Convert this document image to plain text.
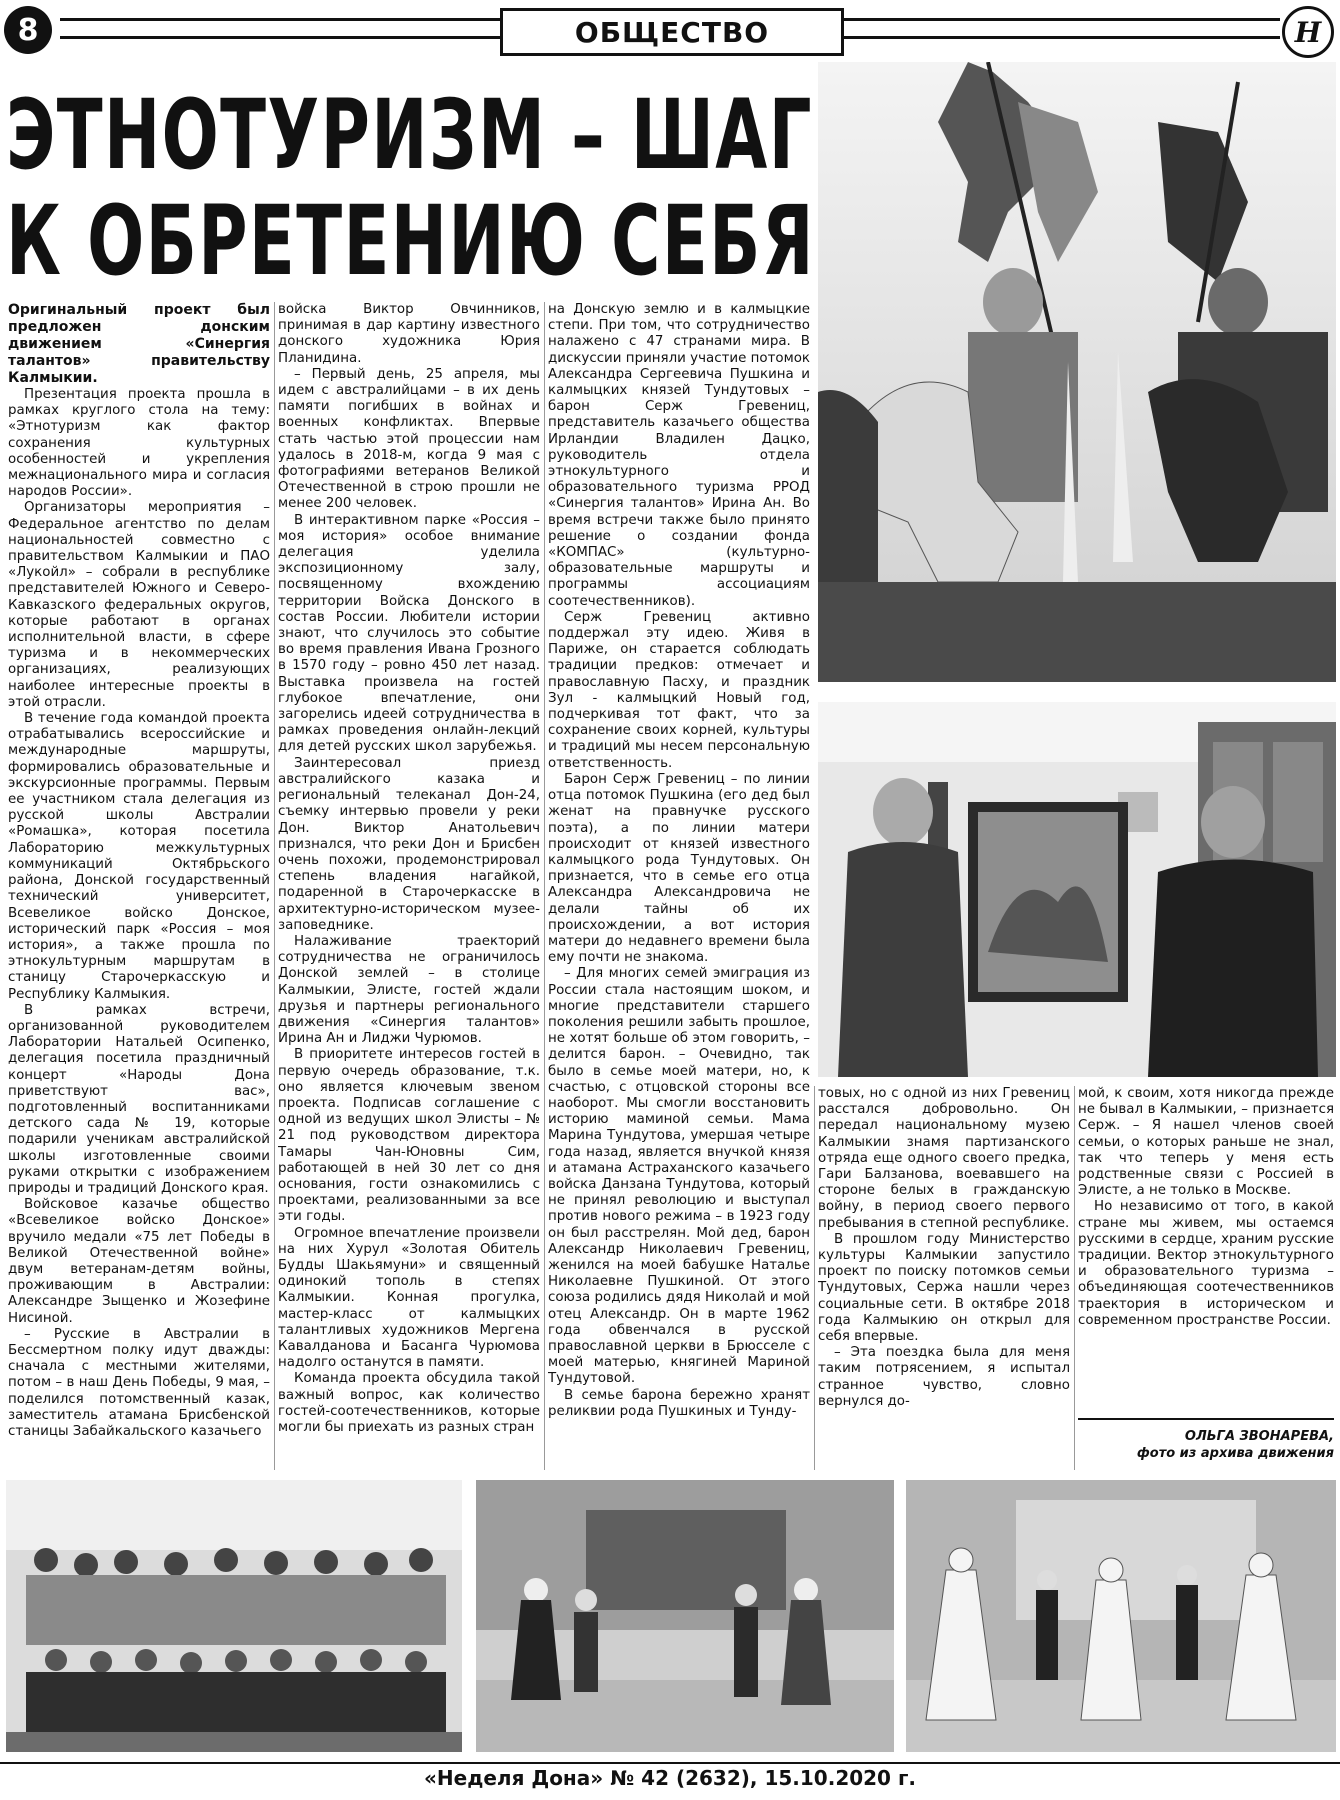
8	ОБЩЕСТВО	Н
ЭТНОТУРИЗМ – ШАГ
К ОБРЕТЕНИЮ СЕБЯ

Оригинальный проект был предложен донским движением «Синергия талантов» правительству Калмыкии.

Презентация проекта прошла в рамках круглого стола на тему: «Этнотуризм как фактор сохранения культурных особенностей и укрепления межнационального мира и согласия народов России».

Организаторы мероприятия – Федеральное агентство по делам национальностей совместно с правительством Калмыкии и ПАО «Лукойл» – собрали в республике представителей Южного и Северо-Кавказского федеральных округов, которые работают в органах исполнительной власти, в сфере туризма и в некоммерческих организациях, реализующих наиболее интересные проекты в этой отрасли.

В течение года командой проекта отрабатывались всероссийские и международные маршруты, формировались образовательные и экскурсионные программы. Первым ее участником стала делегация из русской школы Австралии «Ромашка», которая посетила Лабораторию межкультурных коммуникаций Октябрьского района, Донской государственный технический университет, Всевеликое войско Донское, исторический парк «Россия – моя история», а также прошла по этнокультурным маршрутам в станицу Старочеркасскую и Республику Калмыкия.

В рамках встречи, организованной руководителем Лаборатории Натальей Осипенко, делегация посетила праздничный концерт «Народы Дона приветствуют вас», подготовленный воспитанниками детского сада № 19, которые подарили ученикам австралийской школы изготовленные своими руками открытки с изображением природы и традиций Донского края.

Войсковое казачье общество «Всевеликое войско Донское» вручило медали «75 лет Победы в Великой Отечественной войне» двум ветеранам-детям войны, проживающим в Австралии: Александре Зыщенко и Жозефине Нисиной.

– Русские в Австралии в Бессмертном полку идут дважды: сначала с местными жителями, потом – в наш День Победы, 9 мая, – поделился потомственный казак, заместитель атамана Брисбенской станицы Забайкальского казачьего

войска Виктор Овчинников, принимая в дар картину известного донского художника Юрия Планидина.

– Первый день, 25 апреля, мы идем с австралийцами – в их день памяти погибших в войнах и военных конфликтах. Впервые стать частью этой процессии нам удалось в 2018-м, когда 9 мая с фотографиями ветеранов Великой Отечественной в строю прошли не менее 200 человек.

В интерактивном парке «Россия – моя история» особое внимание делегация уделила экспозиционному залу, посвященному вхождению территории Войска Донского в состав России. Любители истории знают, что случилось это событие во время правления Ивана Грозного в 1570 году – ровно 450 лет назад. Выставка произвела на гостей глубокое впечатление, они загорелись идеей сотрудничества в рамках проведения онлайн-лекций для детей русских школ зарубежья.

Заинтересовал приезд австралийского казака и региональный телеканал Дон-24, съемку интервью провели у реки Дон. Виктор Анатольевич признался, что реки Дон и Брисбен очень похожи, продемонстрировал степень владения нагайкой, подаренной в Старочеркасске в архитектурно-историческом музее-заповеднике.

Налаживание траекторий сотрудничества не ограничилось Донской землей – в столице Калмыкии, Элисте, гостей ждали друзья и партнеры регионального движения «Синергия талантов» Ирина Ан и Лиджи Чурюмов.

В приоритете интересов гостей в первую очередь образование, т.к. оно является ключевым звеном проекта. Подписав соглашение с одной из ведущих школ Элисты – № 21 под руководством директора Тамары Чан-Юновны Сим, работающей в ней 30 лет со дня основания, гости ознакомились с проектами, реализованными за все эти годы.

Огромное впечатление произвели на них Хурул «Золотая Обитель Будды Шакьямуни» и священный одинокий тополь в степях Калмыкии. Конная прогулка, мастер-класс от калмыцких талантливых художников Мергена Кавалданова и Басанга Чурюмова надолго останутся в памяти.

Команда проекта обсудила такой важный вопрос, как количество гостей-соотечественников, которые могли бы приехать из разных стран

на Донскую землю и в калмыцкие степи. При том, что сотрудничество налажено с 47 странами мира. В дискуссии приняли участие потомок Александра Сергеевича Пушкина и калмыцких князей Тундутовых – барон Серж Гревениц, представитель казачьего общества Ирландии Владилен Дацко, руководитель отдела этнокультурного и образовательного туризма РРОД «Синергия талантов» Ирина Ан. Во время встречи также было принято решение о создании фонда «КОМПАС» (культурно-образовательные маршруты и программы ассоциациям соотечественников).

Серж Гревениц активно поддержал эту идею. Живя в Париже, он старается соблюдать традиции предков: отмечает и православную Пасху, и праздник Зул - калмыцкий Новый год, подчеркивая тот факт, что за сохранение своих корней, культуры и традиций мы несем персональную ответственность.

Барон Серж Гревениц – по линии отца потомок Пушкина (его дед был женат на правнучке русского поэта), а по линии матери происходит от князей известного калмыцкого рода Тундутовых. Он признается, что в семье его отца Александра Александровича не делали тайны об их происхождении, а вот история матери до недавнего времени была ему почти не знакома.

– Для многих семей эмиграция из России стала настоящим шоком, и многие представители старшего поколения решили забыть прошлое, не хотят больше об этом говорить, – делится барон. – Очевидно, так было в семье моей матери, но, к счастью, с отцовской стороны все наоборот. Мы смогли восстановить историю маминой семьи. Мама Марина Тундутова, умершая четыре года назад, является внучкой князя и атамана Астраханского казачьего войска Данзана Тундутова, который не принял революцию и выступал против нового режима – в 1923 году он был расстрелян. Мой дед, барон Александр Николаевич Гревениц, женился на моей бабушке Наталье Николаевне Пушкиной. От этого союза родились дядя Николай и мой отец Александр. Он в марте 1962 года обвенчался в русской православной церкви в Брюсселе с моей матерью, княгиней Мариной Тундутовой.

В семье барона бережно хранят реликвии рода Пушкиных и Тунду-

товых, но с одной из них Гревениц расстался добровольно. Он передал национальному музею Калмыкии знамя партизанского отряда еще одного своего предка, Гари Балзанова, воевавшего на стороне белых в гражданскую войну, в период своего первого пребывания в степной республике.

В прошлом году Министерство культуры Калмыкии запустило проект по поиску потомков семьи Тундутовых, Сержа нашли через социальные сети. В октябре 2018 года Калмыкию он открыл для себя впервые.

– Эта поездка была для меня таким потрясением, я испытал странное чувство, словно вернулся до-

мой, к своим, хотя никогда прежде не бывал в Калмыкии, – признается Серж. – Я нашел членов своей семьи, о которых раньше не знал, так что теперь у меня есть родственные связи с Россией в Элисте, а не только в Москве.

Но независимо от того, в какой стране мы живем, мы остаемся русскими в сердце, храним русские традиции. Вектор этнокультурного и образовательного туризма – объединяющая соотечественников траектория в историческом и современном пространстве России.

ОЛЬГА ЗВОНАРЕВА,
фото из архива движения
«Неделя Дона» № 42 (2632), 15.10.2020 г.
